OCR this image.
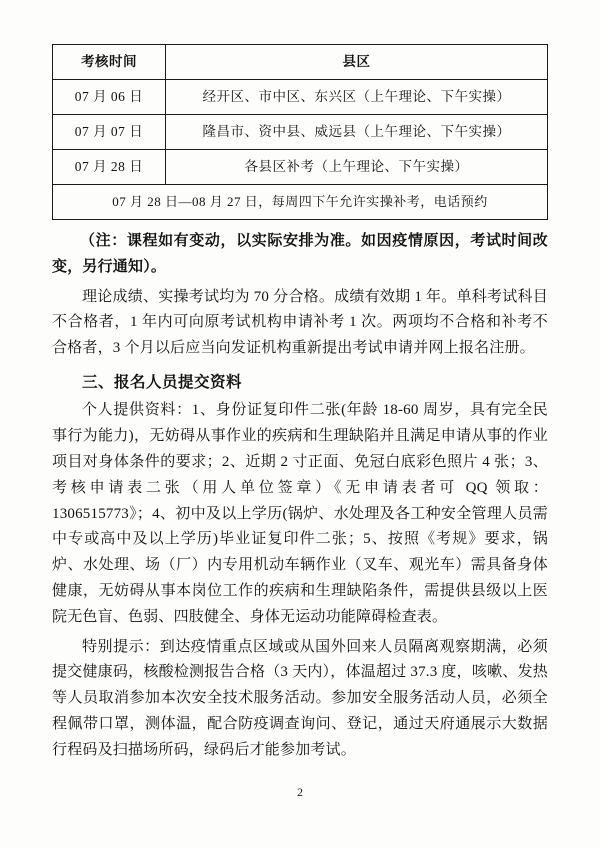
考核时间	县区
07 月 06 日	经开区、市中区、东兴区（上午理论、下午实操）
07 月 07 日	隆昌市、资中县、威远县（上午理论、下午实操）
07 月 28 日	各县区补考（上午理论、下午实操）
07 月 28 日—08 月 27 日，每周四下午允许实操补考，电话预约	

（注：课程如有变动，以实际安排为准。如因疫情原因，考试时间改变，另行通知）。

理论成绩、实操考试均为 70 分合格。成绩有效期 1 年。单科考试科目不合格者，1 年内可向原考试机构申请补考 1 次。两项均不合格和补考不合格者，3 个月以后应当向发证机构重新提出考试申请并网上报名注册。

三、报名人员提交资料

个人提供资料：1、身份证复印件二张(年龄 18-60 周岁，具有完全民事行为能力)，无妨碍从事作业的疾病和生理缺陷并且满足申请从事的作业项目对身体条件的要求；2、近期 2 寸正面、免冠白底彩色照片 4 张；3、考核申请表二张（用人单位签章）《无申请表者可 QQ 领取：1306515773》；4、初中及以上学历(锅炉、水处理及各工种安全管理人员需中专或高中及以上学历)毕业证复印件二张；5、按照《考规》要求，锅炉、水处理、场（厂）内专用机动车辆作业（叉车、观光车）需具备身体健康，无妨碍从事本岗位工作的疾病和生理缺陷条件，需提供县级以上医院无色盲、色弱、四肢健全、身体无运动功能障碍检查表。

特别提示：到达疫情重点区域或从国外回来人员隔离观察期满，必须提交健康码，核酸检测报告合格（3 天内），体温超过 37.3 度，咳嗽、发热等人员取消参加本次安全技术服务活动。参加安全服务活动人员，必须全程佩带口罩，测体温，配合防疫调查询问、登记，通过天府通展示大数据行程码及扫描场所码，绿码后才能参加考试。

2
